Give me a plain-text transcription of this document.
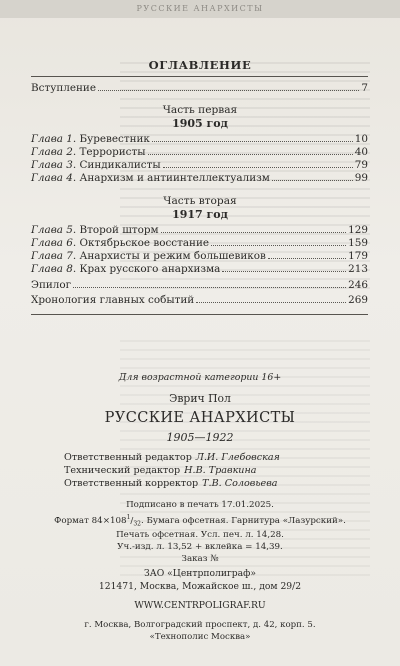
РУССКИЕ АНАРХИСТЫ
ОГЛАВЛЕНИЕ
Вступление	7
Часть первая
1905 год
Глава 1. Буревестник	10
Глава 2. Террористы	40
Глава 3. Синдикалисты	79
Глава 4. Анархизм и антиинтеллектуализм	99
Часть вторая
1917 год
Глава 5. Второй шторм	129
Глава 6. Октябрьское восстание	159
Глава 7. Анархисты и режим большевиков	179
Глава 8. Крах русского анархизма	213
Эпилог	246
Хронология главных событий	269
Для возрастной категории 16+
Эврич Пол
РУССКИЕ АНАРХИСТЫ
1905—1922
Ответственный редактор Л.И. Глебовская
Технический редактор Н.В. Травкина
Ответственный корректор Т.В. Соловьева
Подписано в печать 17.01.2025.
Формат $84\times 108^1/_{32}$. Бумага офсетная. Гарнитура «Лазурский».
Печать офсетная. Усл. печ. л. 14,28.
Уч.-изд. л. 13,52 + вклейка = 14,39.
Заказ №
ЗАО «Центрполиграф»
121471, Москва, Можайское ш., дом 29/2
WWW.CENTRPOLIGRAF.RU
г. Москва, Волгоградский проспект, д. 42, корп. 5.
«Технополис Москва»
